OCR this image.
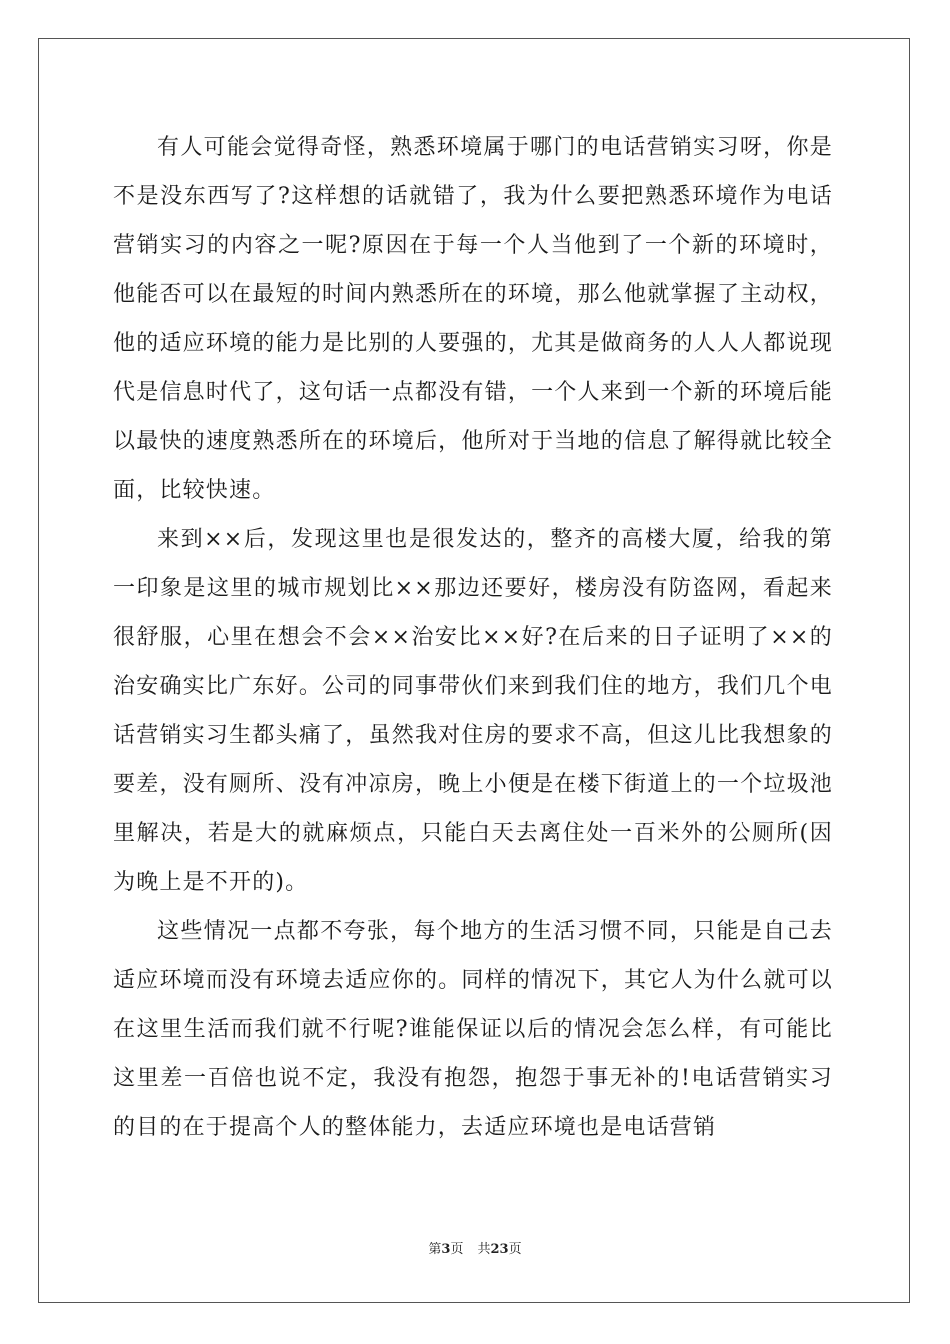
有人可能会觉得奇怪，熟悉环境属于哪门的电话营销实习呀，你是不是没东西写了?这样想的话就错了，我为什么要把熟悉环境作为电话营销实习的内容之一呢?原因在于每一个人当他到了一个新的环境时，他能否可以在最短的时间内熟悉所在的环境，那么他就掌握了主动权，他的适应环境的能力是比别的人要强的，尤其是做商务的人人人都说现代是信息时代了，这句话一点都没有错，一个人来到一个新的环境后能以最快的速度熟悉所在的环境后，他所对于当地的信息了解得就比较全面，比较快速。

来到××后，发现这里也是很发达的，整齐的高楼大厦，给我的第一印象是这里的城市规划比××那边还要好，楼房没有防盗网，看起来很舒服，心里在想会不会××治安比××好?在后来的日子证明了××的治安确实比广东好。公司的同事带伙们来到我们住的地方，我们几个电话营销实习生都头痛了，虽然我对住房的要求不高，但这儿比我想象的要差，没有厕所、没有冲凉房，晚上小便是在楼下街道上的一个垃圾池里解决，若是大的就麻烦点，只能白天去离住处一百米外的公厕所(因为晚上是不开的)。

这些情况一点都不夸张，每个地方的生活习惯不同，只能是自己去适应环境而没有环境去适应你的。同样的情况下，其它人为什么就可以在这里生活而我们就不行呢?谁能保证以后的情况会怎么样，有可能比这里差一百倍也说不定，我没有抱怨，抱怨于事无补的!电话营销实习的目的在于提高个人的整体能力，去适应环境也是电话营销

第3页 共23页
